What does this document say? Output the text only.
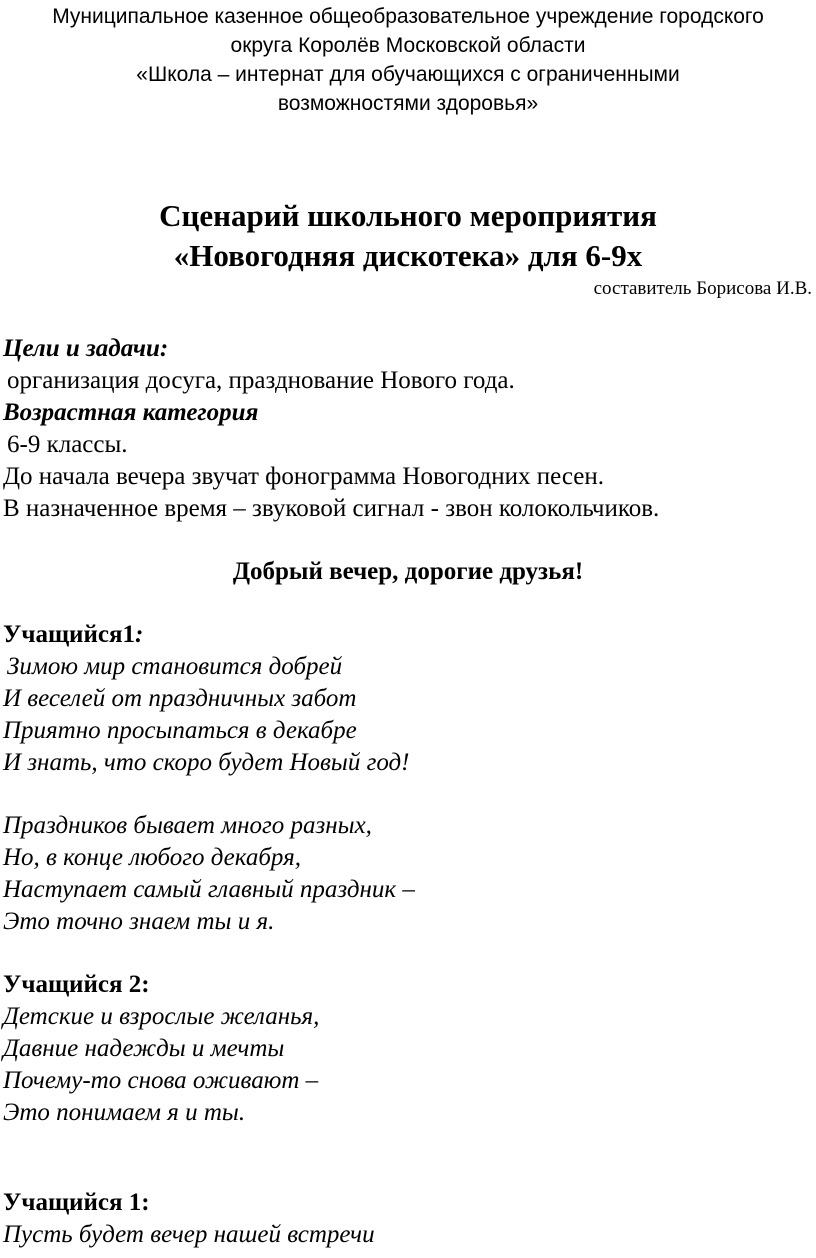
Муниципальное казенное общеобразовательное учреждение городского
округа Королёв Московской области
«Школа – интернат для обучающихся с ограниченными
возможностями здоровья»
Сценарий школьного мероприятия
«Новогодняя дискотека» для 6-9х
составитель Борисова И.В.
Цели и задачи:
организация досуга, празднование Нового года.
Возрастная категория
6-9 классы.
До начала вечера звучат фонограмма Новогодних песен.
В назначенное время – звуковой сигнал - звон колокольчиков.
Добрый вечер, дорогие друзья!
Учащийся1:
Зимою мир становится добрей
И веселей от праздничных забот
Приятно просыпаться в декабре
И знать, что скоро будет Новый год!
Праздников бывает много разных,
Но, в конце любого декабря,
Наступает самый главный праздник –
Это точно знаем ты и я.
Учащийся 2:
Детские и взрослые желанья,
Давние надежды и мечты
Почему-то снова оживают –
Это понимаем я и ты.
Учащийся 1:
Пусть будет вечер нашей встречи
